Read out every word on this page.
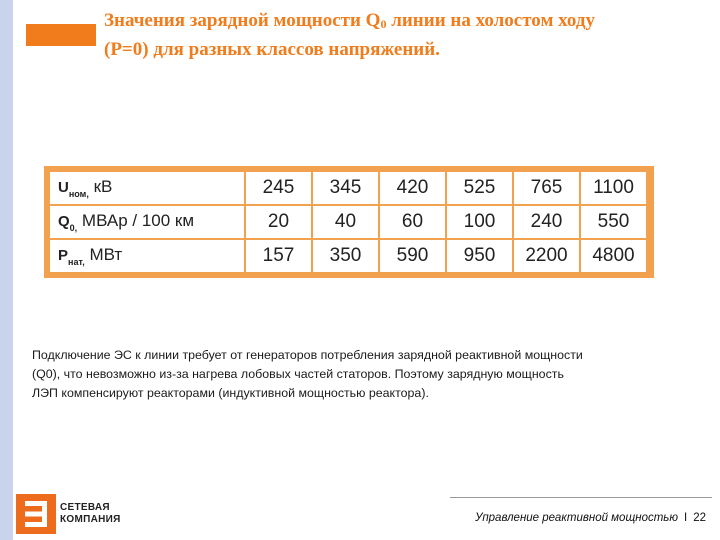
Значения зарядной мощности $Q_0$ линии на холостом ходу
(P=0) для разных классов напряжений.
$U_{ном,}$ кВ	245	345	420	525	765	1100
$Q_{0,}$ МВАр / 100 км	20	40	60	100	240	550
$P_{нат,}$ МВт	157	350	590	950	2200	4800

Подключение ЭС к линии требует от генераторов потребления зарядной реактивной мощности
(Q0), что невозможно из-за нагрева лобовых частей статоров. Поэтому зарядную мощность
ЛЭП компенсируют реакторами (индуктивной мощностью реактора).

СЕТЕВАЯ
КОМПАНИЯ	Управление реактивной мощностью I 22
